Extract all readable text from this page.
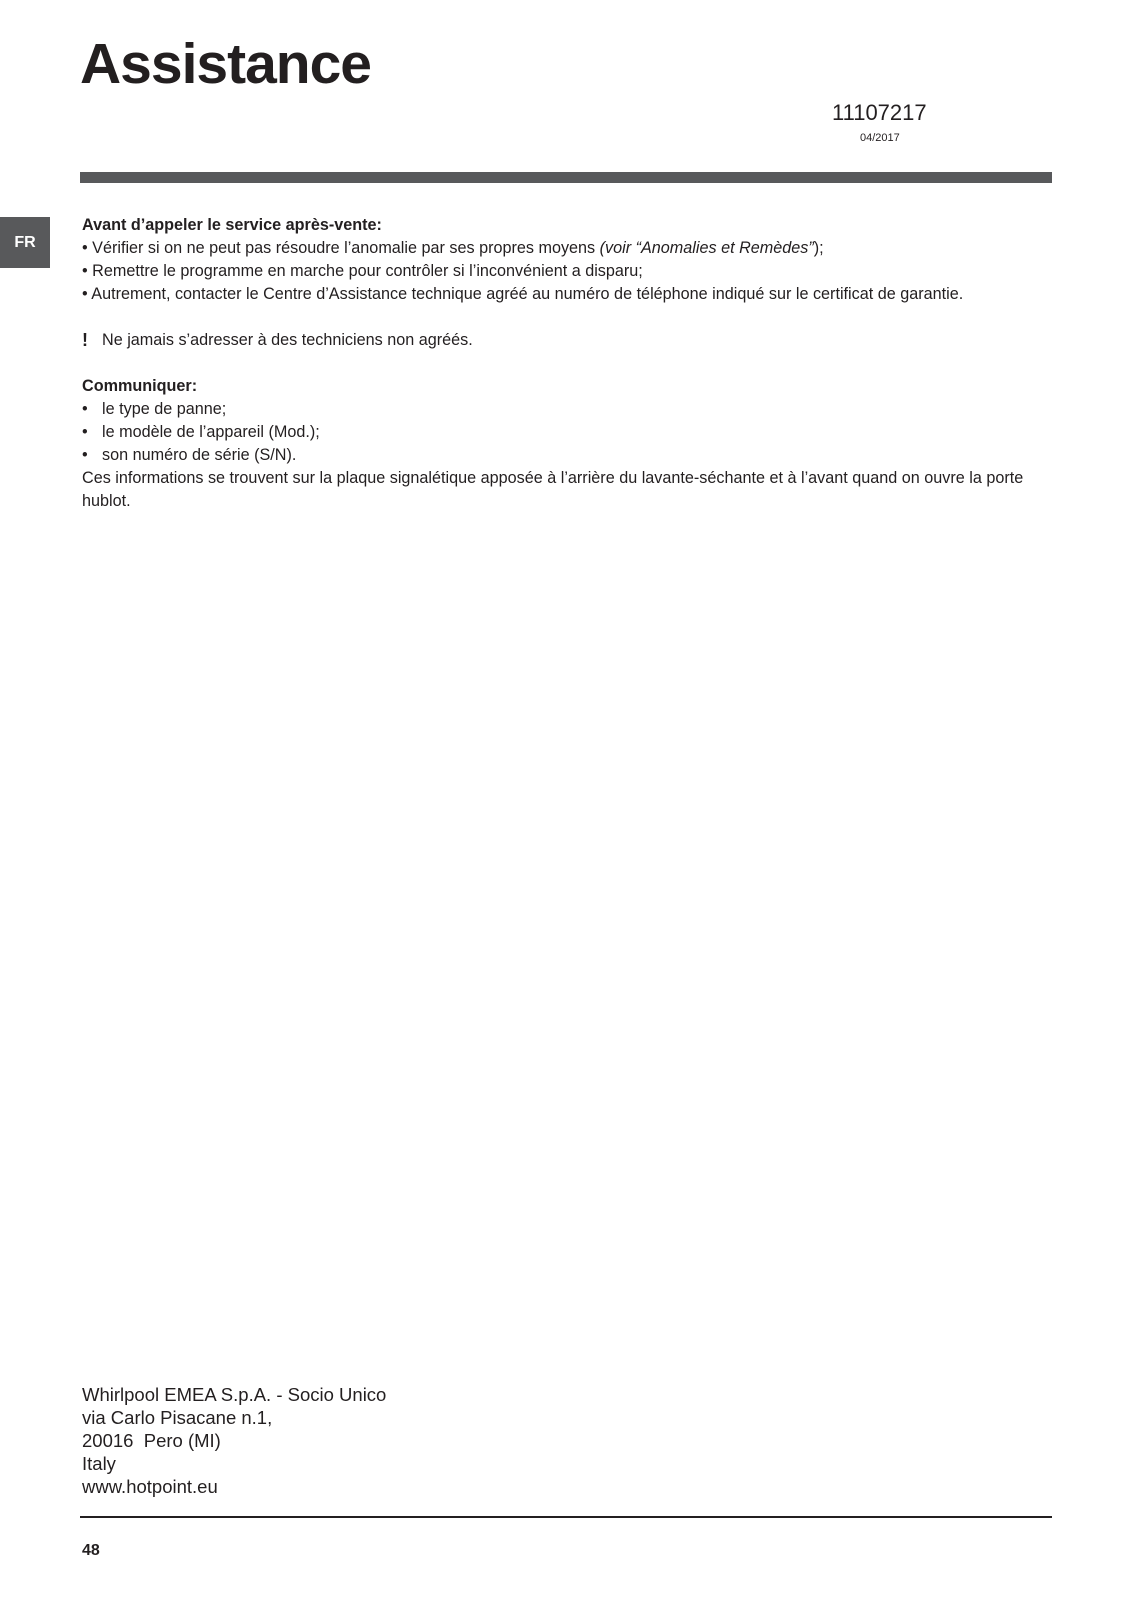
Assistance
11107217
04/2017
FR

Avant d’appeler le service après-vente:

• Vérifier si on ne peut pas résoudre l’anomalie par ses propres moyens (voir “Anomalies et Remèdes”);

• Remettre le programme en marche pour contrôler si l’inconvénient a disparu;

• Autrement, contacter le Centre d’Assistance technique agréé au numéro de téléphone indiqué sur le certificat de garantie.

! Ne jamais s’adresser à des techniciens non agréés.

Communiquer:

• le type de panne;

• le modèle de l’appareil (Mod.);

• son numéro de série (S/N).

Ces informations se trouvent sur la plaque signalétique apposée à l’arrière du lavante-séchante et à l’avant quand on ouvre la porte hublot.

Whirlpool EMEA S.p.A. - Socio Unico
via Carlo Pisacane n.1,
20016  Pero (MI)
Italy
www.hotpoint.eu
48
